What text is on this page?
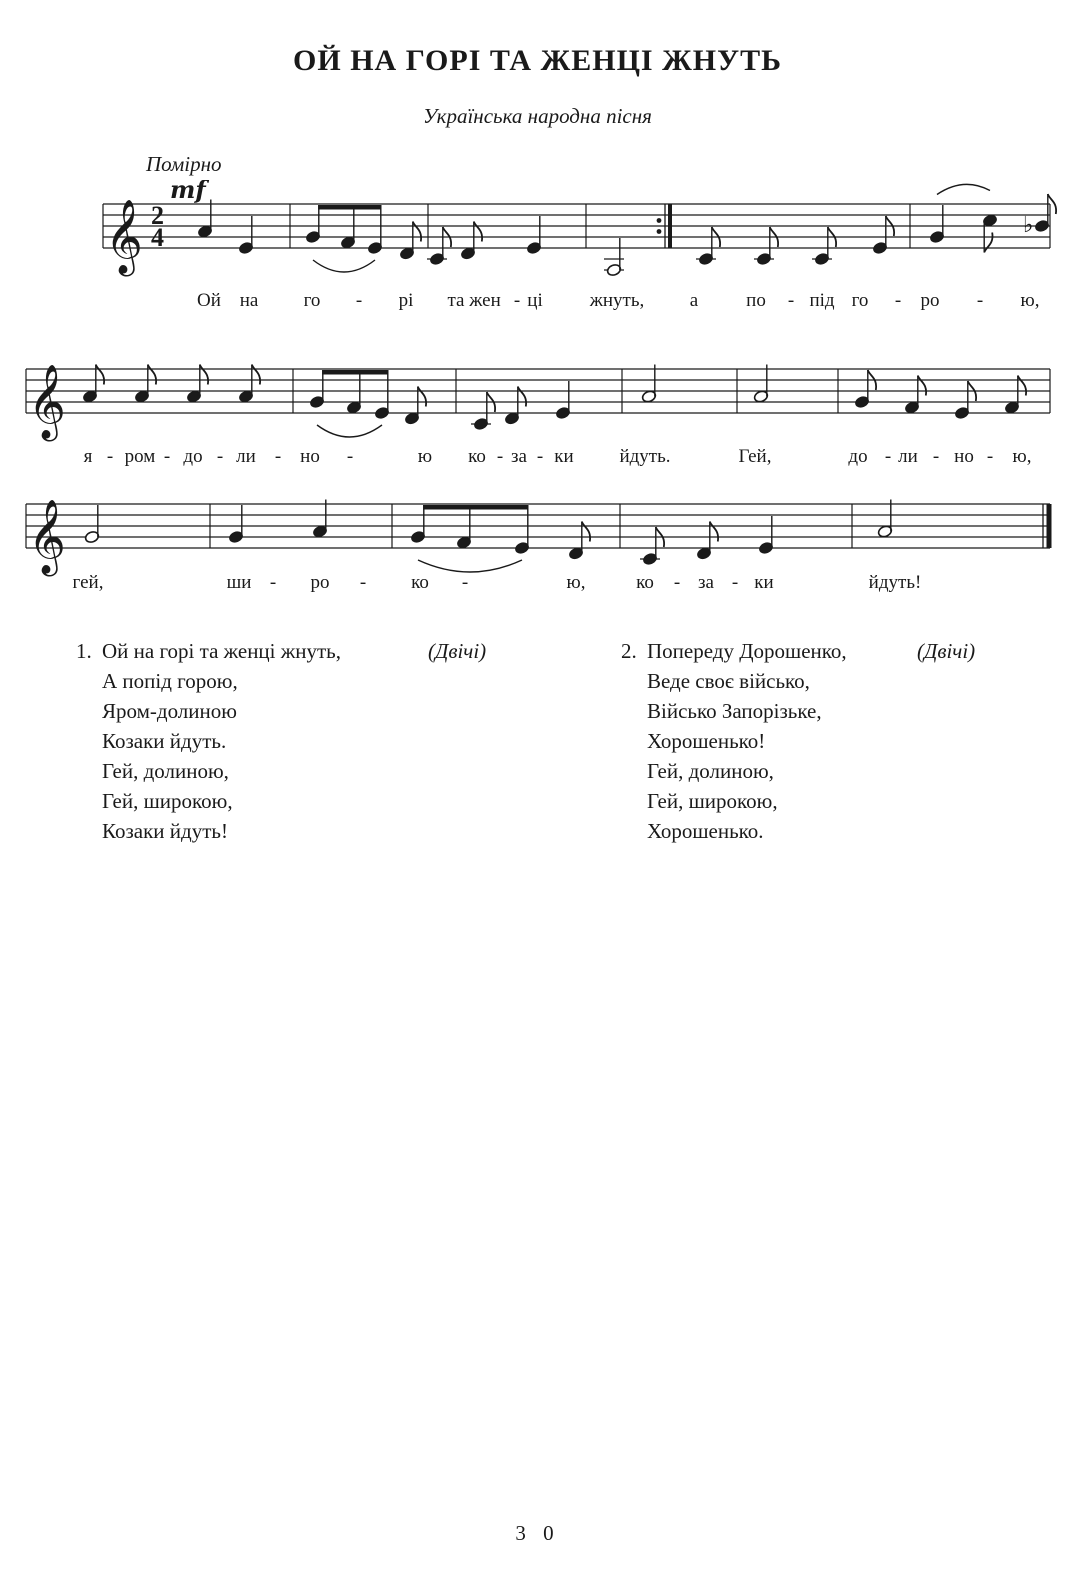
ОЙ НА ГОРІ ТА ЖЕНЦІ ЖНУТЬ
Українська народна пісня
Помірно
𝄞 2
4
mf
♭
Ой на го - рі та жен - ці жнуть, а	по - під го - ро - ю,
𝄞
я - ром - до - ли - но -	ю ко - за - ки йдуть.	Гей,	до - ли - но - ю,
𝄞
гей,	ши - ро - ко -	ю,	ко - за - ки	йдуть!
1.	(Двічі)
Ой на горі та женці жнуть,
А попід горою,
Яром-долиною
Козаки йдуть.
Гей, долиною,
Гей, широкою,
Козаки йдуть!
2.	(Двічі)
Попереду Дорошенко,
Веде своє військо,
Військо Запорізьке,
Хорошенько!
Гей, долиною,
Гей, широкою,
Хорошенько.
3 0
